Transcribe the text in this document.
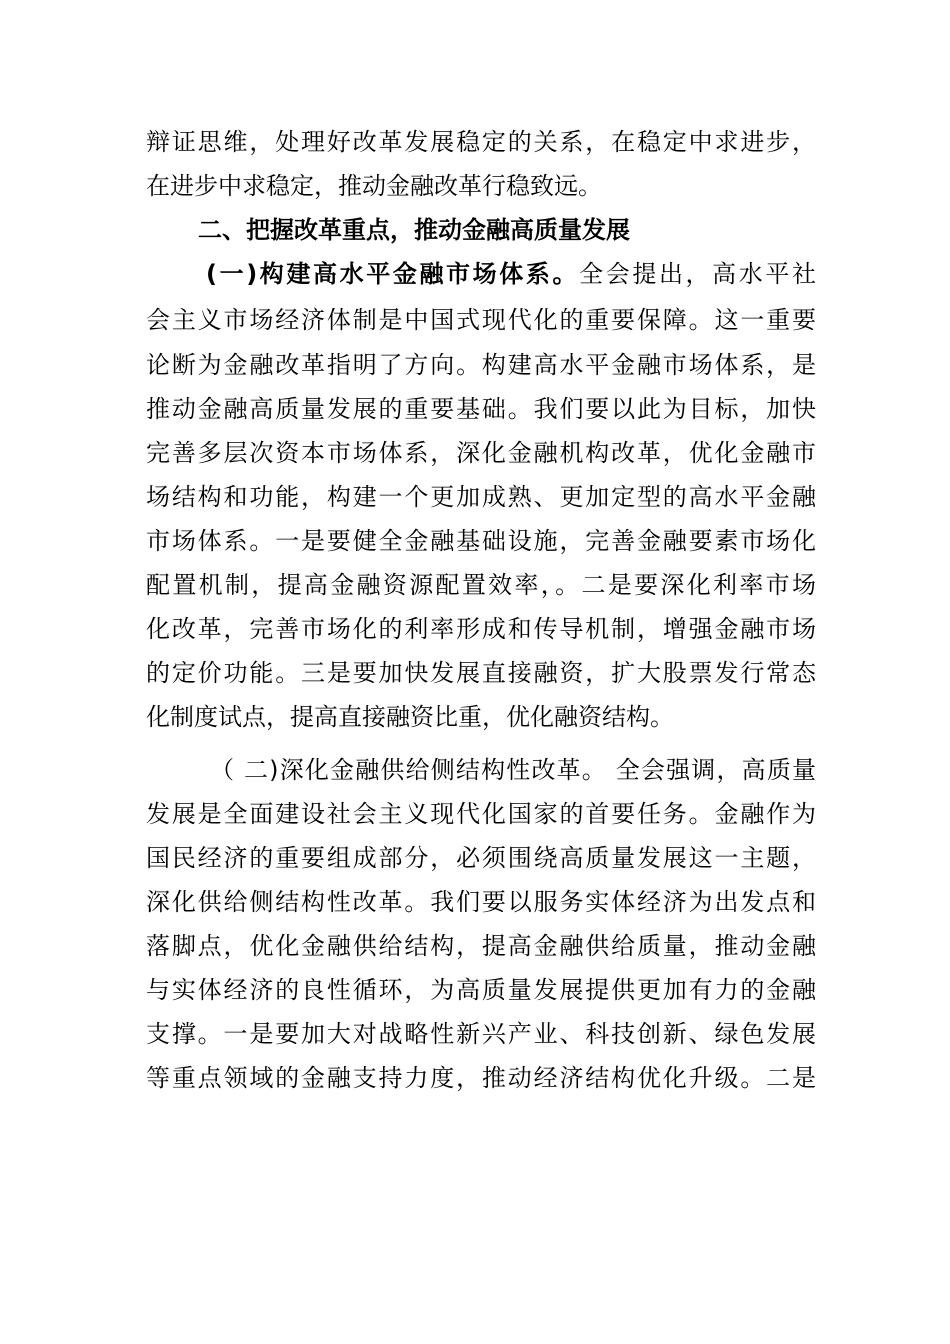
辩证思维，处理好改革发展稳定的关系，在稳定中求进步，
在进步中求稳定，推动金融改革行稳致远。
二、把握改革重点，推动金融高质量发展
(一)构建高水平金融市场体系。全会提出，高水平社
会主义市场经济体制是中国式现代化的重要保障。这一重要
论断为金融改革指明了方向。构建高水平金融市场体系，是
推动金融高质量发展的重要基础。我们要以此为目标，加快
完善多层次资本市场体系，深化金融机构改革，优化金融市
场结构和功能，构建一个更加成熟、更加定型的高水平金融
市场体系。一是要健全金融基础设施，完善金融要素市场化
配置机制，提高金融资源配置效率，。二是要深化利率市场
化改革，完善市场化的利率形成和传导机制，增强金融市场
的定价功能。三是要加快发展直接融资，扩大股票发行常态
化制度试点，提高直接融资比重，优化融资结构。
（ 二)深化金融供给侧结构性改革。 全会强调，高质量
发展是全面建设社会主义现代化国家的首要任务。金融作为
国民经济的重要组成部分，必须围绕高质量发展这一主题，
深化供给侧结构性改革。我们要以服务实体经济为出发点和
落脚点，优化金融供给结构，提高金融供给质量，推动金融
与实体经济的良性循环，为高质量发展提供更加有力的金融
支撑。一是要加大对战略性新兴产业、科技创新、绿色发展
等重点领域的金融支持力度，推动经济结构优化升级。二是
